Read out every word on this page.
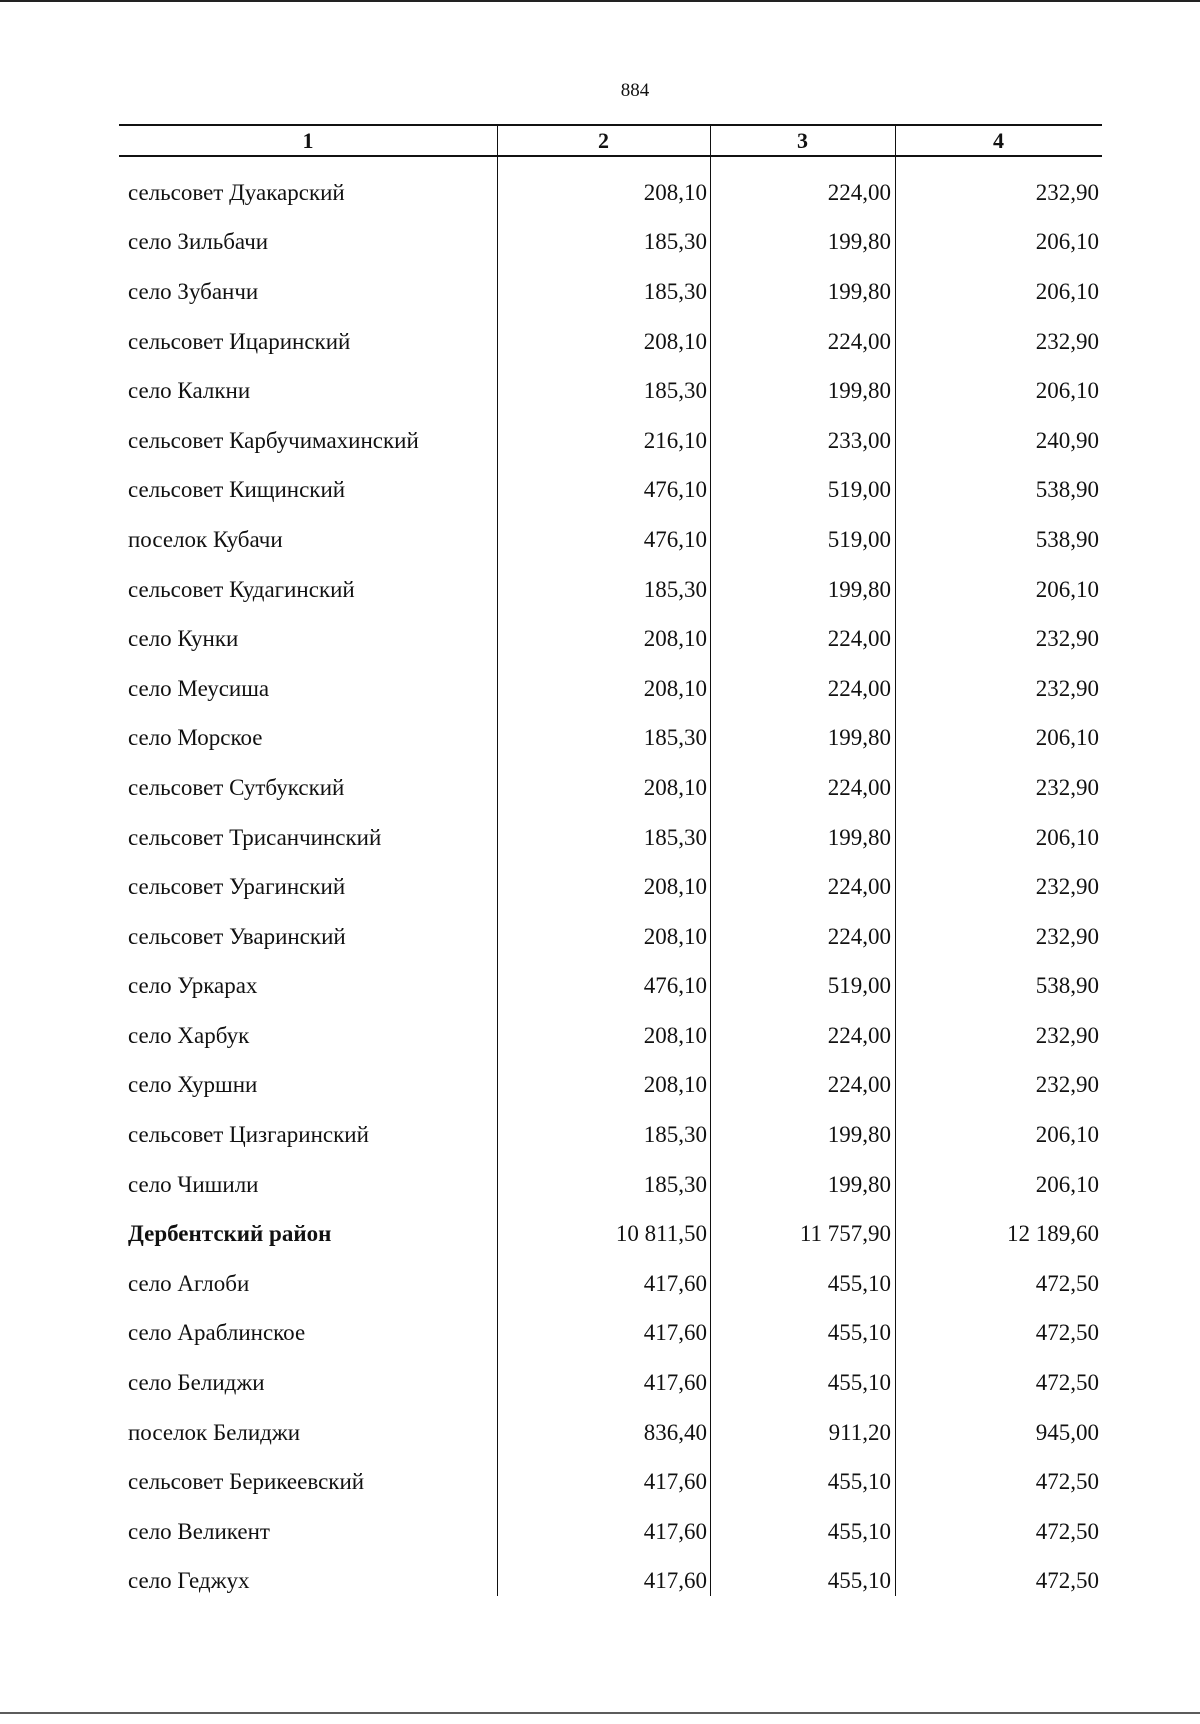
884
1	2	3	4
сельсовет Дуакарский	208,10	224,00	232,90
село Зильбачи	185,30	199,80	206,10
село Зубанчи	185,30	199,80	206,10
сельсовет Ицаринский	208,10	224,00	232,90
село Калкни	185,30	199,80	206,10
сельсовет Карбучимахинский	216,10	233,00	240,90
сельсовет Кищинский	476,10	519,00	538,90
поселок Кубачи	476,10	519,00	538,90
сельсовет Кудагинский	185,30	199,80	206,10
село Кунки	208,10	224,00	232,90
село Меусиша	208,10	224,00	232,90
село Морское	185,30	199,80	206,10
сельсовет Сутбукский	208,10	224,00	232,90
сельсовет Трисанчинский	185,30	199,80	206,10
сельсовет Урагинский	208,10	224,00	232,90
сельсовет Уваринский	208,10	224,00	232,90
село Уркарах	476,10	519,00	538,90
село Харбук	208,10	224,00	232,90
село Хуршни	208,10	224,00	232,90
сельсовет Цизгаринский	185,30	199,80	206,10
село Чишили	185,30	199,80	206,10
Дербентский район	10 811,50	11 757,90	12 189,60
село Аглоби	417,60	455,10	472,50
село Араблинское	417,60	455,10	472,50
село Белиджи	417,60	455,10	472,50
поселок Белиджи	836,40	911,20	945,00
сельсовет Берикеевский	417,60	455,10	472,50
село Великент	417,60	455,10	472,50
село Геджух	417,60	455,10	472,50
